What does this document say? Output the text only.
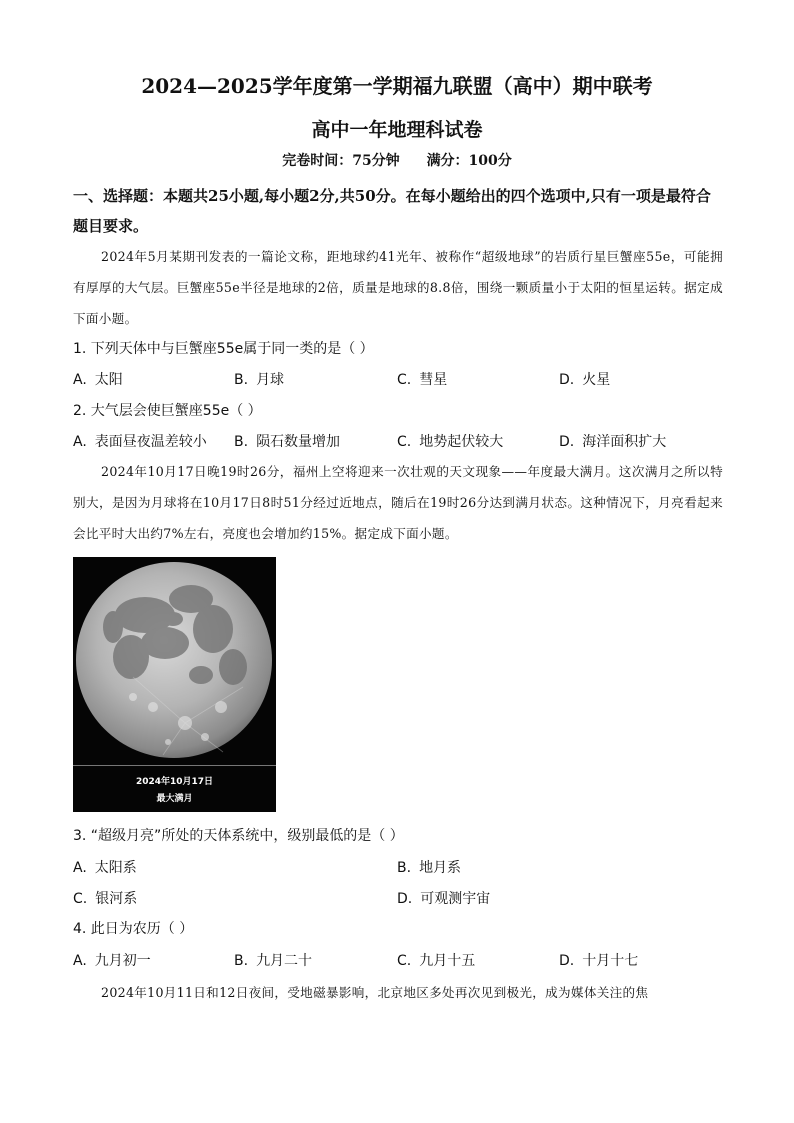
2024—2025学年度第一学期福九联盟（高中）期中联考
高中一年地理科试卷
完卷时间：75分钟 满分：100分
一、选择题：本题共25小题,每小题2分,共50分。在每小题给出的四个选项中,只有一项是最符合题目要求。
2024年5月某期刊发表的一篇论文称，距地球约41光年、被称作“超级地球”的岩质行星巨蟹座55e，可能拥有厚厚的大气层。巨蟹座55e半径是地球的2倍，质量是地球的8.8倍，围绕一颗质量小于太阳的恒星运转。据定成下面小题。
1. 下列天体中与巨蟹座55e属于同一类的是（ ）
A. 太阳	B. 月球	C. 彗星	D. 火星
2. 大气层会使巨蟹座55e（ ）
A. 表面昼夜温差较小 B. 陨石数量增加	C. 地势起伏较大	D. 海洋面积扩大
2024年10月17日晚19时26分，福州上空将迎来一次壮观的天文现象——年度最大满月。这次满月之所以特别大，是因为月球将在10月17日8时51分经过近地点，随后在19时26分达到满月状态。这种情况下，月亮看起来会比平时大出约7%左右，亮度也会增加约15%。据定成下面小题。
2024年10月17日
最大满月
3. “超级月亮”所处的天体系统中，级别最低的是（ ）
A. 太阳系	B. 地月系
C. 银河系	D. 可观测宇宙
4. 此日为农历（ ）
A. 九月初一	B. 九月二十	C. 九月十五	D. 十月十七
2024年10月11日和12日夜间，受地磁暴影响，北京地区多处再次见到极光，成为媒体关注的焦
